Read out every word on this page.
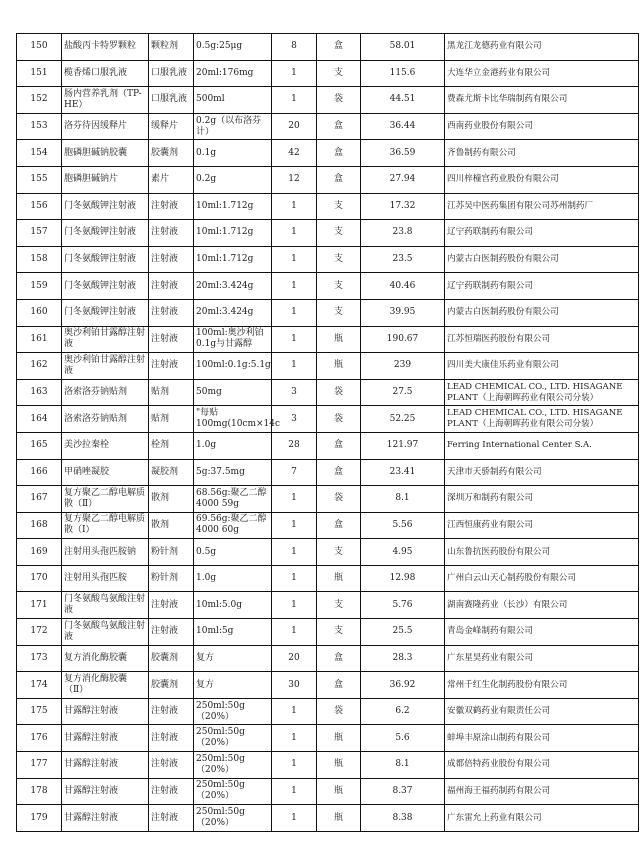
150	盐酸丙卡特罗颗粒	颗粒剂	0.5g:25μg	8	盒	58.01	黑龙江龙德药业有限公司
151	榄香烯口服乳液	口服乳液	20ml:176mg	1	支	115.6	大连华立金港药业有限公司
152	肠内营养乳剂（TP-HE）	口服乳液	500ml	1	袋	44.51	费森尤斯卡比华瑞制药有限公司
153	洛芬待因缓释片	缓释片	0.2g（以布洛芬计）	20	盒	36.44	西南药业股份有限公司
154	胞磷胆碱钠胶囊	胶囊剂	0.1g	42	盒	36.59	齐鲁制药有限公司
155	胞磷胆碱钠片	素片	0.2g	12	盒	27.94	四川梓橦宫药业股份有限公司
156	门冬氨酸钾注射液	注射液	10ml:1.712g	1	支	17.32	江苏吴中医药集团有限公司苏州制药厂
157	门冬氨酸钾注射液	注射液	10ml:1.712g	1	支	23.8	辽宁药联制药有限公司
158	门冬氨酸钾注射液	注射液	10ml:1.712g	1	支	23.5	内蒙古白医制药股份有限公司
159	门冬氨酸钾注射液	注射液	20ml:3.424g	1	支	40.46	辽宁药联制药有限公司
160	门冬氨酸钾注射液	注射液	20ml:3.424g	1	支	39.95	内蒙古白医制药股份有限公司
161	奥沙利铂甘露醇注射液	注射液	100ml:奥沙利铂0.1g与甘露醇	1	瓶	190.67	江苏恒瑞医药股份有限公司
162	奥沙利铂甘露醇注射液	注射液	100ml:0.1g:5.1g	1	瓶	239	四川美大康佳乐药业有限公司
163	洛索洛芬钠贴剂	贴剂	50mg	3	袋	27.5	LEAD CHEMICAL CO., LTD. HISAGANE PLANT（上海朝晖药业有限公司分装）
164	洛索洛芬钠贴剂	贴剂	"每贴100mg(10cm×14c	3	袋	52.25	LEAD CHEMICAL CO., LTD. HISAGANE PLANT（上海朝晖药业有限公司分装）
165	美沙拉秦栓	栓剂	1.0g	28	盒	121.97	Ferring International Center S.A.
166	甲硝唑凝胶	凝胶剂	5g:37.5mg	7	盒	23.41	天津市天骄制药有限公司
167	复方聚乙二醇电解质散（Ⅱ）	散剂	68.56g:聚乙二醇4000 59g	1	袋	8.1	深圳万和制药有限公司
168	复方聚乙二醇电解质散（Ⅰ）	散剂	69.56g:聚乙二醇4000 60g	1	盒	5.56	江西恒康药业有限公司
169	注射用头孢匹胺钠	粉针剂	0.5g	1	支	4.95	山东鲁抗医药股份有限公司
170	注射用头孢匹胺	粉针剂	1.0g	1	瓶	12.98	广州白云山天心制药股份有限公司
171	门冬氨酸鸟氨酸注射液	注射液	10ml:5.0g	1	支	5.76	湖南赛隆药业（长沙）有限公司
172	门冬氨酸鸟氨酸注射液	注射液	10ml:5g	1	支	25.5	青岛金峰制药有限公司
173	复方消化酶胶囊	胶囊剂	复方	20	盒	28.3	广东星昊药业有限公司
174	复方消化酶胶囊（Ⅱ）	胶囊剂	复方	30	盒	36.92	常州千红生化制药股份有限公司
175	甘露醇注射液	注射液	250ml:50g（20%）	1	袋	6.2	安徽双鹤药业有限责任公司
176	甘露醇注射液	注射液	250ml:50g（20%）	1	瓶	5.6	蚌埠丰原涂山制药有限公司
177	甘露醇注射液	注射液	250ml:50g（20%）	1	瓶	8.1	成都倍特药业股份有限公司
178	甘露醇注射液	注射液	250ml:50g（20%）	1	瓶	8.37	福州海王福药制药有限公司
179	甘露醇注射液	注射液	250ml:50g（20%）	1	瓶	8.38	广东雷允上药业有限公司
